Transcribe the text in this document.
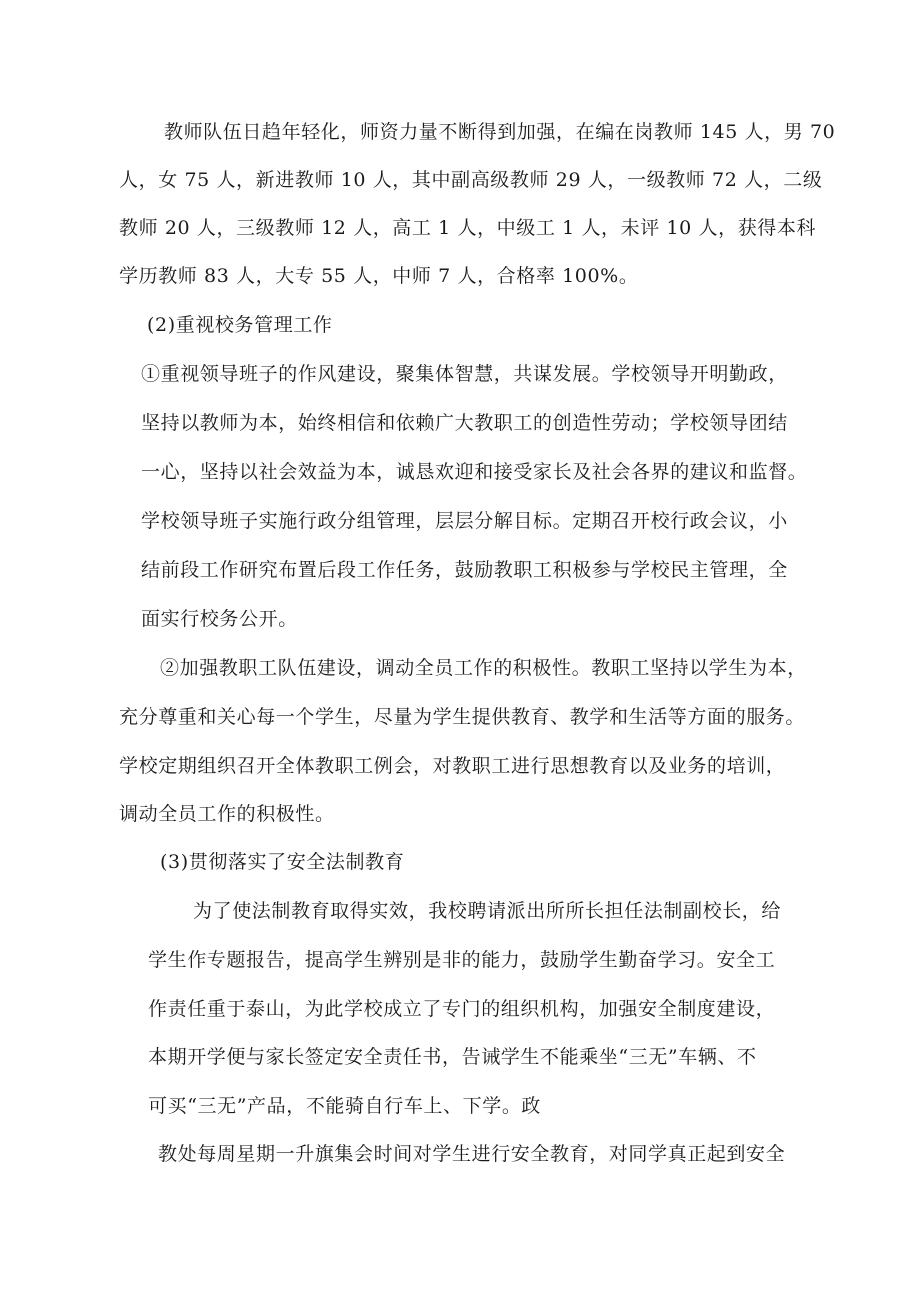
教师队伍日趋年轻化，师资力量不断得到加强，在编在岗教师 145 人，男 70
人，女 75 人，新进教师 10 人，其中副高级教师 29 人，一级教师 72 人，二级
教师 20 人，三级教师 12 人，高工 1 人，中级工 1 人，未评 10 人，获得本科
学历教师 83 人，大专 55 人，中师 7 人，合格率 100%。
(2)重视校务管理工作
①重视领导班子的作风建设，聚集体智慧，共谋发展。学校领导开明勤政，
坚持以教师为本，始终相信和依赖广大教职工的创造性劳动；学校领导团结
一心，坚持以社会效益为本，诚恳欢迎和接受家长及社会各界的建议和监督。
学校领导班子实施行政分组管理，层层分解目标。定期召开校行政会议，小
结前段工作研究布置后段工作任务，鼓励教职工积极参与学校民主管理，全
面实行校务公开。
②加强教职工队伍建设，调动全员工作的积极性。教职工坚持以学生为本，
充分尊重和关心每一个学生，尽量为学生提供教育、教学和生活等方面的服务。
学校定期组织召开全体教职工例会，对教职工进行思想教育以及业务的培训，
调动全员工作的积极性。
(3)贯彻落实了安全法制教育
为了使法制教育取得实效，我校聘请派出所所长担任法制副校长，给
学生作专题报告，提高学生辨别是非的能力，鼓励学生勤奋学习。安全工
作责任重于泰山，为此学校成立了专门的组织机构，加强安全制度建设，
本期开学便与家长签定安全责任书，告诫学生不能乘坐“三无”车辆、不
可买“三无”产品，不能骑自行车上、下学。政
教处每周星期一升旗集会时间对学生进行安全教育，对同学真正起到安全
